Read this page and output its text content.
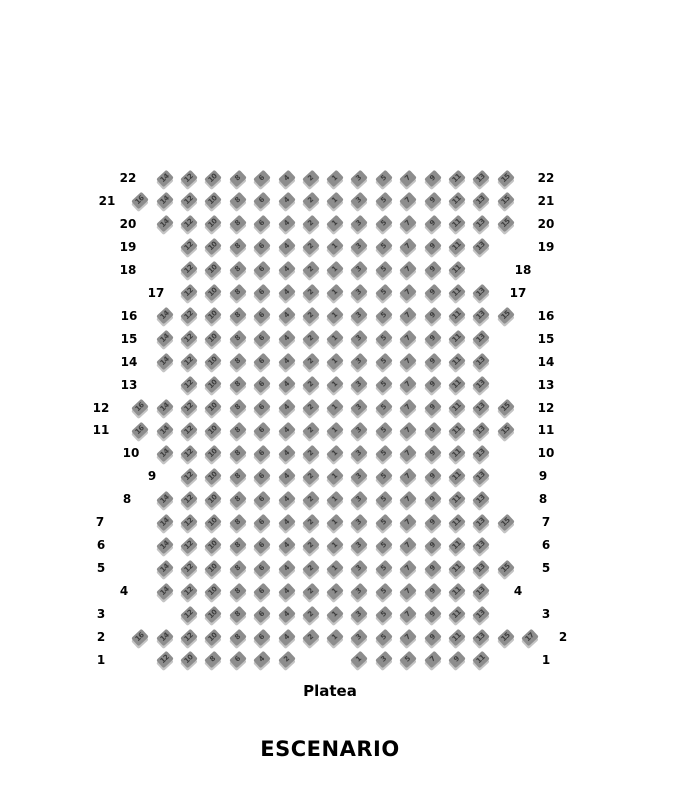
22	22
14 12 10 8 6 4 2 1 3 5 7 9 11 13 15
21	21
16 14 12 10 8 6 4 2 1 3 5 7 9 11 13 15
20	20
14 12 10 8 6 4 2 1 3 5 7 9 11 13 15
19	19
12 10 8 6 4 2 1 3 5 7 9 11 13
18	18
12 10 8 6 4 2 1 3 5 7 9 11
17	17
12 10 8 6 4 2 1 3 5 7 9 11 13
16	16
14 12 10 8 6 4 2 1 3 5 7 9 11 13 15
15	15
14 12 10 8 6 4 2 1 3 5 7 9 11 13
14	14
14 12 10 8 6 4 2 1 3 5 7 9 11 13
13	13
12 10 8 6 4 2 1 3 5 7 9 11 13
12	12
16 14 12 10 8 6 4 2 1 3 5 7 9 11 13 15
11	11
16 14 12 10 8 6 4 2 1 3 5 7 9 11 13 15
10	10
14 12 10 8 6 4 2 1 3 5 7 9 11 13
9	9
12 10 8 6 4 2 1 3 5 7 9 11 13
8	8
14 12 10 8 6 4 2 1 3 5 7 9 11 13
7	7
14 12 10 8 6 4 2 1 3 5 7 9 11 13 15
6	6
14 12 10 8 6 4 2 1 3 5 7 9 11 13
5	5
14 12 10 8 6 4 2 1 3 5 7 9 11 13 15
4	4
14 12 10 8 6 4 2 1 3 5 7 9 11 13
3	3
12 10 8 6 4 2 1 3 5 7 9 11 13
2	2
16 14 12 10 8 6 4 2 1 3 5 7 9 11 13 15 17
1	1
12 10 8 6 4 2	1 3 5 7 9 11
Platea
ESCENARIO
